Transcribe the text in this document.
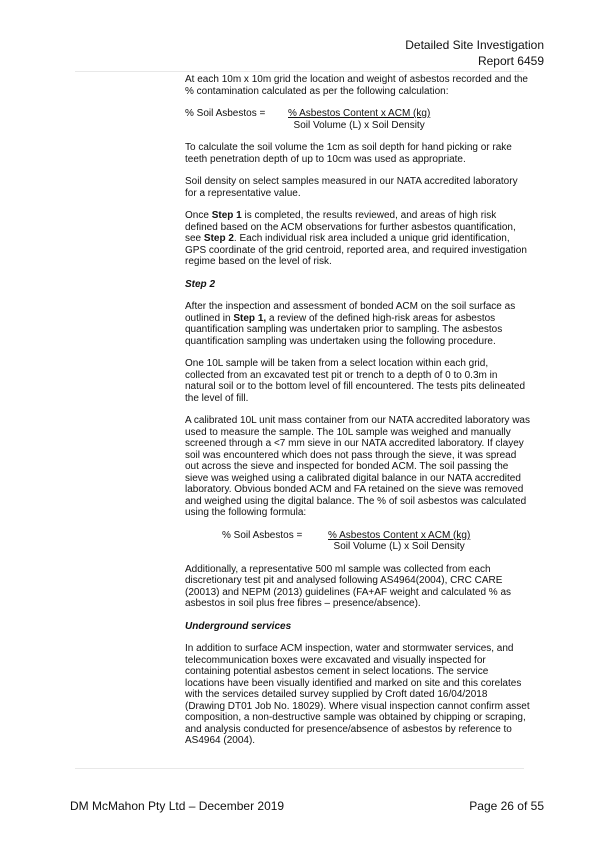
Detailed Site Investigation
Report 6459

At each 10m x 10m grid the location and weight of asbestos recorded and the % contamination calculated as per the following calculation:

% Soil Asbestos =	$\frac{\text{\% Asbestos Content x ACM (kg)}}{\text{Soil Volume (L) x Soil Density}}$

To calculate the soil volume the 1cm as soil depth for hand picking or rake teeth penetration depth of up to 10cm was used as appropriate.

Soil density on select samples measured in our NATA accredited laboratory for a representative value.

Once Step 1 is completed, the results reviewed, and areas of high risk defined based on the ACM observations for further asbestos quantification, see Step 2. Each individual risk area included a unique grid identification, GPS coordinate of the grid centroid, reported area, and required investigation regime based on the level of risk.

Step 2

After the inspection and assessment of bonded ACM on the soil surface as outlined in Step 1, a review of the defined high-risk areas for asbestos quantification sampling was undertaken prior to sampling. The asbestos quantification sampling was undertaken using the following procedure.

One 10L sample will be taken from a select location within each grid, collected from an excavated test pit or trench to a depth of 0 to 0.3m in natural soil or to the bottom level of fill encountered. The tests pits delineated the level of fill.

A calibrated 10L unit mass container from our NATA accredited laboratory was used to measure the sample. The 10L sample was weighed and manually screened through a <7 mm sieve in our NATA accredited laboratory. If clayey soil was encountered which does not pass through the sieve, it was spread out across the sieve and inspected for bonded ACM. The soil passing the sieve was weighed using a calibrated digital balance in our NATA accredited laboratory. Obvious bonded ACM and FA retained on the sieve was removed and weighed using the digital balance. The % of soil asbestos was calculated using the following formula:

% Soil Asbestos =	$\frac{\text{\% Asbestos Content x ACM (kg)}}{\text{Soil Volume (L) x Soil Density}}$

Additionally, a representative 500 ml sample was collected from each discretionary test pit and analysed following AS4964(2004), CRC CARE (20013) and NEPM (2013) guidelines (FA+AF weight and calculated % as asbestos in soil plus free fibres – presence/absence).

Underground services

In addition to surface ACM inspection, water and stormwater services, and telecommunication boxes were excavated and visually inspected for containing potential asbestos cement in select locations. The service locations have been visually identified and marked on site and this corelates with the services detailed survey supplied by Croft dated 16/04/2018 (Drawing DT01 Job No. 18029). Where visual inspection cannot confirm asset composition, a non-destructive sample was obtained by chipping or scraping, and analysis conducted for presence/absence of asbestos by reference to AS4964 (2004).

DM McMahon Pty Ltd – December 2019	Page 26 of 55
